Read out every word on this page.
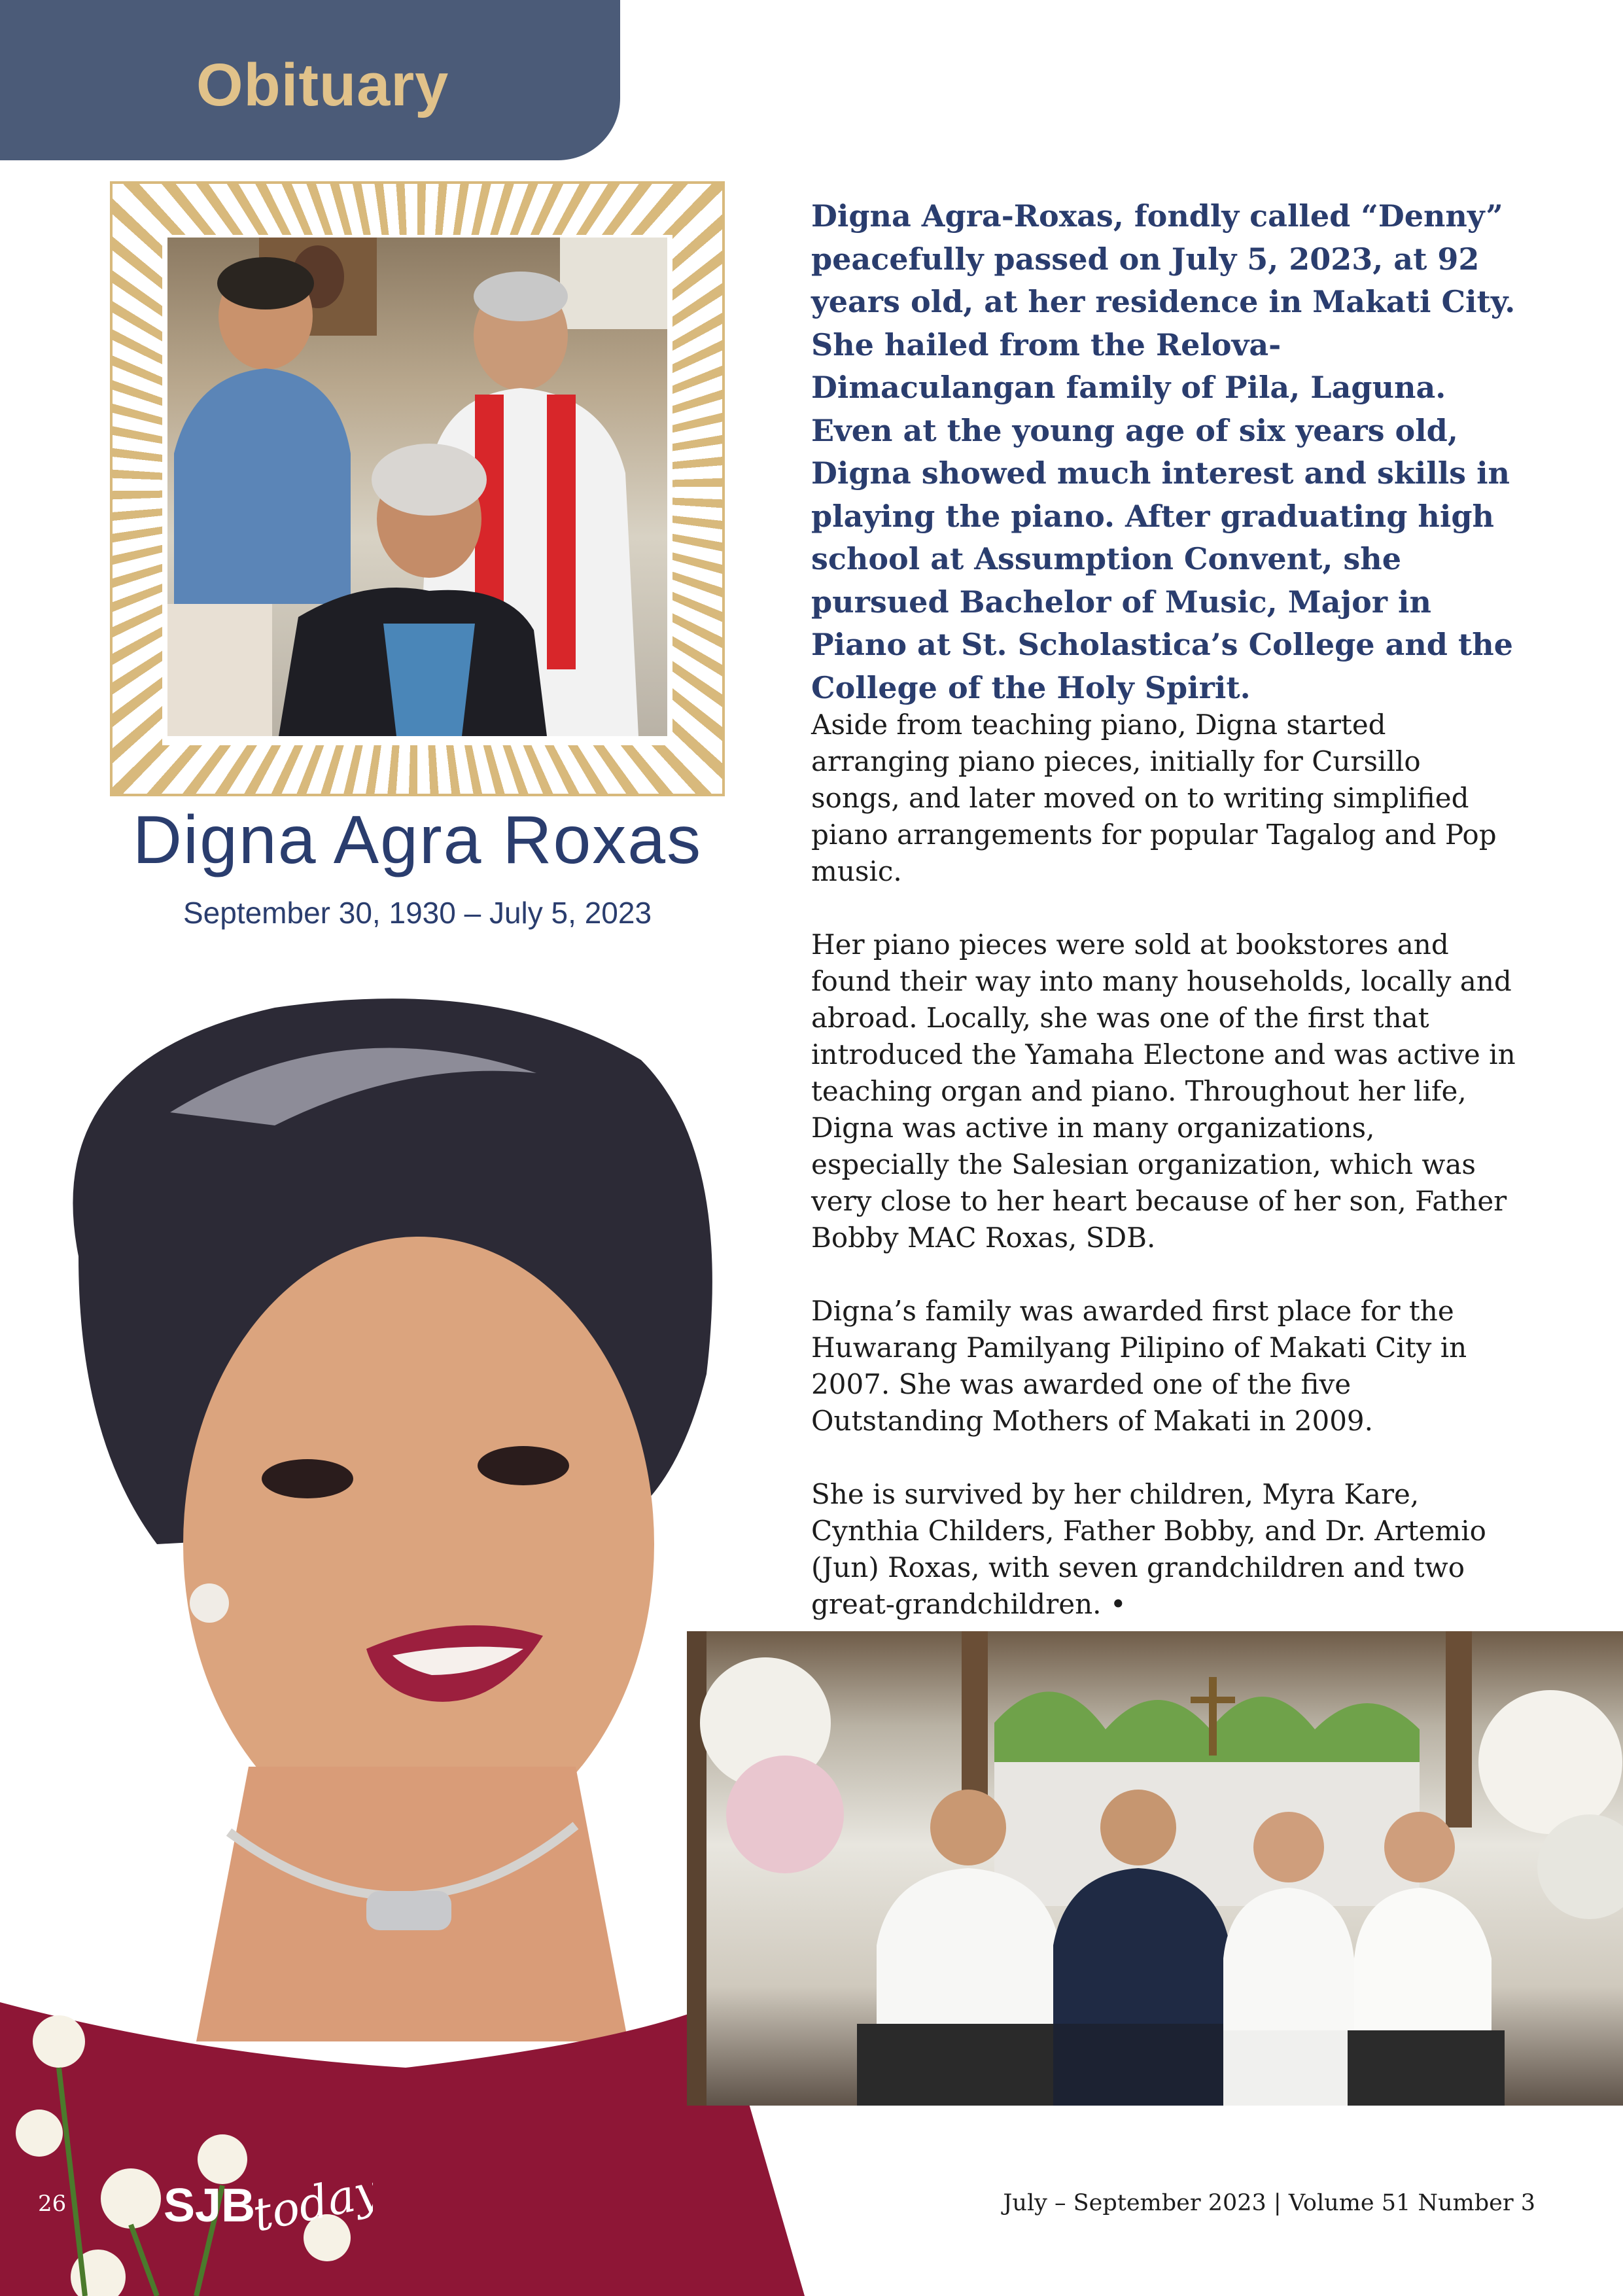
Obituary
Digna Agra Roxas
September 30, 1930 – July 5, 2023

Digna Agra-Roxas, fondly called “Denny” peacefully passed on July 5, 2023, at 92 years old, at her residence in Makati City. She hailed from the Relova-Dimaculangan family of Pila, Laguna. Even at the young age of six years old, Digna showed much interest and skills in playing the piano. After graduating high school at Assumption Convent, she pursued Bachelor of Music, Major in Piano at St. Scholastica’s College and the College of the Holy Spirit.

Aside from teaching piano, Digna started arranging piano pieces, initially for Cursillo songs, and later moved on to writing simplified piano arrangements for popular Tagalog and Pop music.

Her piano pieces were sold at bookstores and found their way into many households, locally and abroad. Locally, she was one of the first that introduced the Yamaha Electone and was active in teaching organ and piano. Throughout her life, Digna was active in many organizations, especially the Salesian organization, which was very close to her heart because of her son, Father Bobby MAC Roxas, SDB.

Digna’s family was awarded first place for the Huwarang Pamilyang Pilipino of Makati City in 2007. She was awarded one of the five Outstanding Mothers of Makati in 2009.

She is survived by her children, Myra Kare, Cynthia Childers, Father Bobby, and Dr. Artemio (Jun) Roxas, with seven grandchildren and two great-grandchildren. •

26 SJB
today	July – September 2023 | Volume 51 Number 3
